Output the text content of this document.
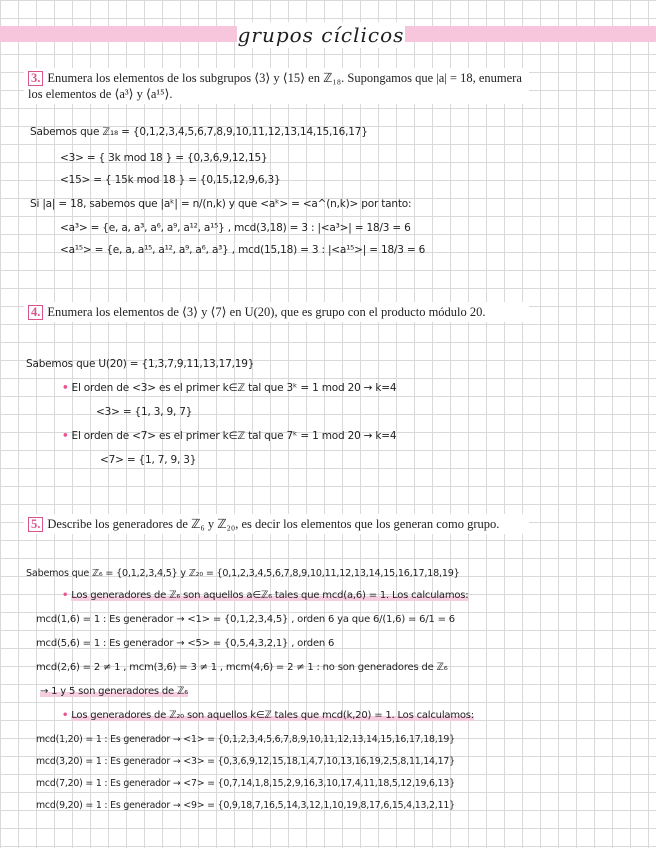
grupos cíclicos
3. Enumera los elementos de los subgrupos ⟨3⟩ y ⟨15⟩ en ℤ₁₈. Supongamos que |a| = 18, enumera los elementos de ⟨a³⟩ y ⟨a¹⁵⟩.
Sabemos que ℤ₁₈ = {0,1,2,3,4,5,6,7,8,9,10,11,12,13,14,15,16,17}
<3> = { 3k mod 18 } = {0,3,6,9,12,15}
<15> = { 15k mod 18 } = {0,15,12,9,6,3}
Si |a| = 18, sabemos que |aᵏ| = n/(n,k) y que <aᵏ> = <a^(n,k)> por tanto:
<a³> = {e, a, a³, a⁶, a⁹, a¹², a¹⁵} , mcd(3,18) = 3 : |<a³>| = 18/3 = 6
<a¹⁵> = {e, a, a¹⁵, a¹², a⁹, a⁶, a³} , mcd(15,18) = 3 : |<a¹⁵>| = 18/3 = 6
4. Enumera los elementos de ⟨3⟩ y ⟨7⟩ en U(20), que es grupo con el producto módulo 20.
Sabemos que U(20) = {1,3,7,9,11,13,17,19}
• El orden de <3> es el primer k∈ℤ tal que 3ᵏ = 1 mod 20 → k=4
<3> = {1, 3, 9, 7}
• El orden de <7> es el primer k∈ℤ tal que 7ᵏ = 1 mod 20 → k=4
<7> = {1, 7, 9, 3}
5. Describe los generadores de ℤ₆ y ℤ₂₀, es decir los elementos que los generan como grupo.
Sabemos que ℤ₆ = {0,1,2,3,4,5} y ℤ₂₀ = {0,1,2,3,4,5,6,7,8,9,10,11,12,13,14,15,16,17,18,19}
• Los generadores de ℤ₆ son aquellos a∈ℤ₆ tales que mcd(a,6) = 1. Los calculamos:
mcd(1,6) = 1 : Es generador → <1> = {0,1,2,3,4,5} , orden 6 ya que 6/(1,6) = 6/1 = 6
mcd(5,6) = 1 : Es generador → <5> = {0,5,4,3,2,1} , orden 6
mcd(2,6) = 2 ≠ 1 , mcm(3,6) = 3 ≠ 1 , mcm(4,6) = 2 ≠ 1 : no son generadores de ℤ₆
→ 1 y 5 son generadores de ℤ₆
• Los generadores de ℤ₂₀ son aquellos k∈ℤ tales que mcd(k,20) = 1. Los calculamos:
mcd(1,20) = 1 : Es generador → <1> = {0,1,2,3,4,5,6,7,8,9,10,11,12,13,14,15,16,17,18,19}
mcd(3,20) = 1 : Es generador → <3> = {0,3,6,9,12,15,18,1,4,7,10,13,16,19,2,5,8,11,14,17}
mcd(7,20) = 1 : Es generador → <7> = {0,7,14,1,8,15,2,9,16,3,10,17,4,11,18,5,12,19,6,13}
mcd(9,20) = 1 : Es generador → <9> = {0,9,18,7,16,5,14,3,12,1,10,19,8,17,6,15,4,13,2,11}
